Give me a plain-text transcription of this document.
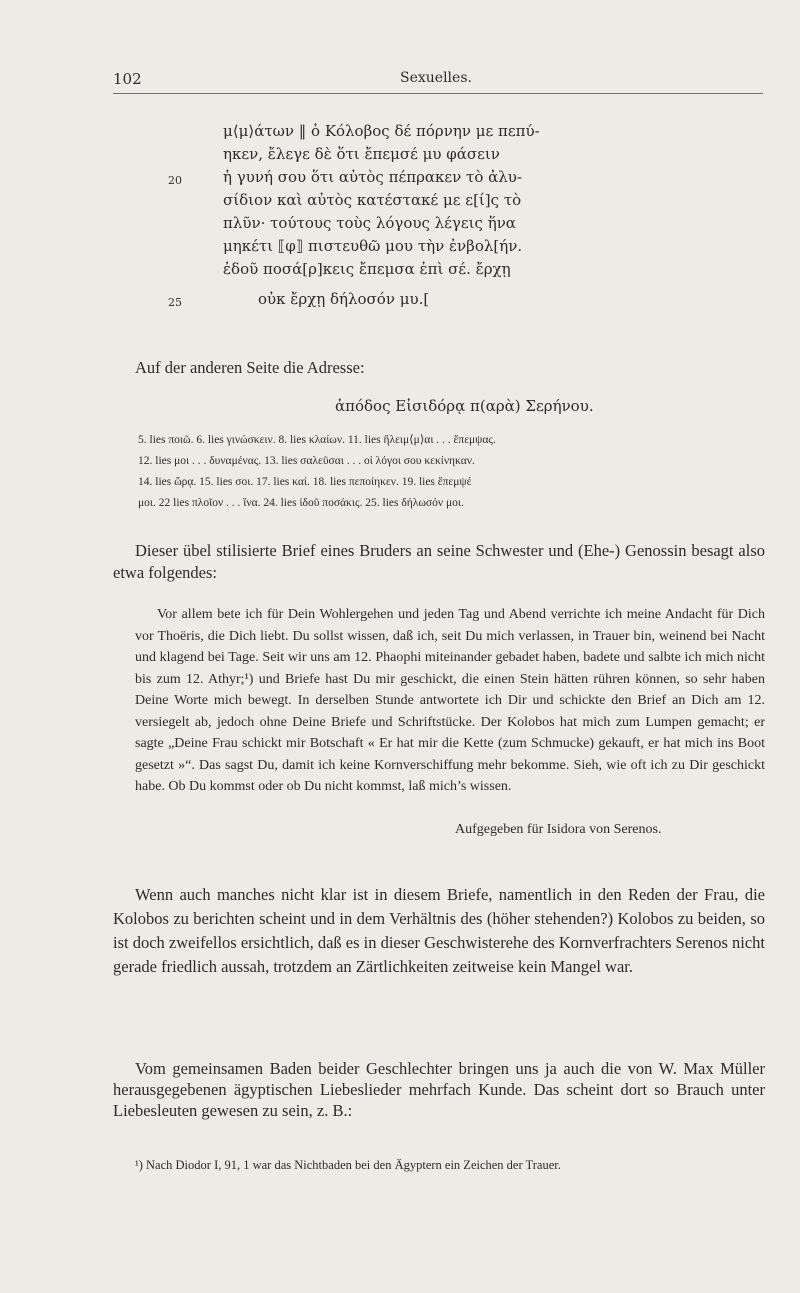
102	Sexuelles.
μ⟨μ⟩άτων ‖ ὁ Κόλοβος δέ πόρνην με πεπύ-
ηκεν, ἔλεγε δὲ ὅτι ἔπεμσέ μυ φάσειν
20	ἡ γυνή σου ὅτι αὐτὸς πέπρακεν τὸ ἀλυ-
σίδιον καὶ αὐτὸς κατέστακέ με ε[ί]ς τὸ
πλῦν· τούτους τοὺς λόγους λέγεις ἥνα
μηκέτι ⟦φ⟧ πιστευθῶ μου τὴν ἐνβολ[ήν.
ἐδοῦ ποσά[ρ]κεις ἔπεμσα ἐπὶ σέ. ἔρχῃ
25	οὐκ ἔρχῃ δήλοσόν μυ.[
Auf der anderen Seite die Adresse:
ἀπόδος Εἰσιδόρᾳ π(αρὰ) Σερήνου.
5. lies ποιῶ. 6. lies γινώσκειν. 8. lies κλαίων. 11. lies ἤλειμ⟨μ⟩αι . . . ἔπεμψας.
12. lies μοι . . . δυναμένας. 13. lies σαλεῦσαι . . . οἱ λόγοι σου κεκίνηκαν.
14. lies ὥρᾳ. 15. lies σοι. 17. lies καί. 18. lies πεποίηκεν. 19. lies ἔπεμψέ
μοι. 22 lies πλοῖον . . . ἵνα. 24. lies ἰδοῦ ποσάκις. 25. lies δήλωσόν μοι.
Dieser übel stilisierte Brief eines Bruders an seine Schwester und (Ehe-) Genossin besagt also etwa folgendes:
Vor allem bete ich für Dein Wohlergehen und jeden Tag und Abend verrichte ich meine Andacht für Dich vor Thoëris, die Dich liebt. Du sollst wissen, daß ich, seit Du mich verlassen, in Trauer bin, weinend bei Nacht und klagend bei Tage. Seit wir uns am 12. Phaophi miteinander gebadet haben, badete und salbte ich mich nicht bis zum 12. Athyr;¹) und Briefe hast Du mir geschickt, die einen Stein hätten rühren können, so sehr haben Deine Worte mich bewegt. In derselben Stunde antwortete ich Dir und schickte den Brief an Dich am 12. versiegelt ab, jedoch ohne Deine Briefe und Schriftstücke. Der Kolobos hat mich zum Lumpen gemacht; er sagte „Deine Frau schickt mir Botschaft « Er hat mir die Kette (zum Schmucke) gekauft, er hat mich ins Boot gesetzt »“. Das sagst Du, damit ich keine Kornverschiffung mehr bekomme. Sieh, wie oft ich zu Dir geschickt habe. Ob Du kommst oder ob Du nicht kommst, laß mich’s wissen.
Aufgegeben für Isidora von Serenos.
Wenn auch manches nicht klar ist in diesem Briefe, namentlich in den Reden der Frau, die Kolobos zu berichten scheint und in dem Verhältnis des (höher stehenden?) Kolobos zu beiden, so ist doch zweifellos ersichtlich, daß es in dieser Geschwisterehe des Kornverfrachters Serenos nicht gerade friedlich aussah, trotzdem an Zärtlichkeiten zeitweise kein Mangel war.
Vom gemeinsamen Baden beider Geschlechter bringen uns ja auch die von W. Max Müller herausgegebenen ägyptischen Liebeslieder mehrfach Kunde. Das scheint dort so Brauch unter Liebesleuten gewesen zu sein, z. B.:
¹) Nach Diodor I, 91, 1 war das Nichtbaden bei den Ägyptern ein Zeichen der Trauer.
